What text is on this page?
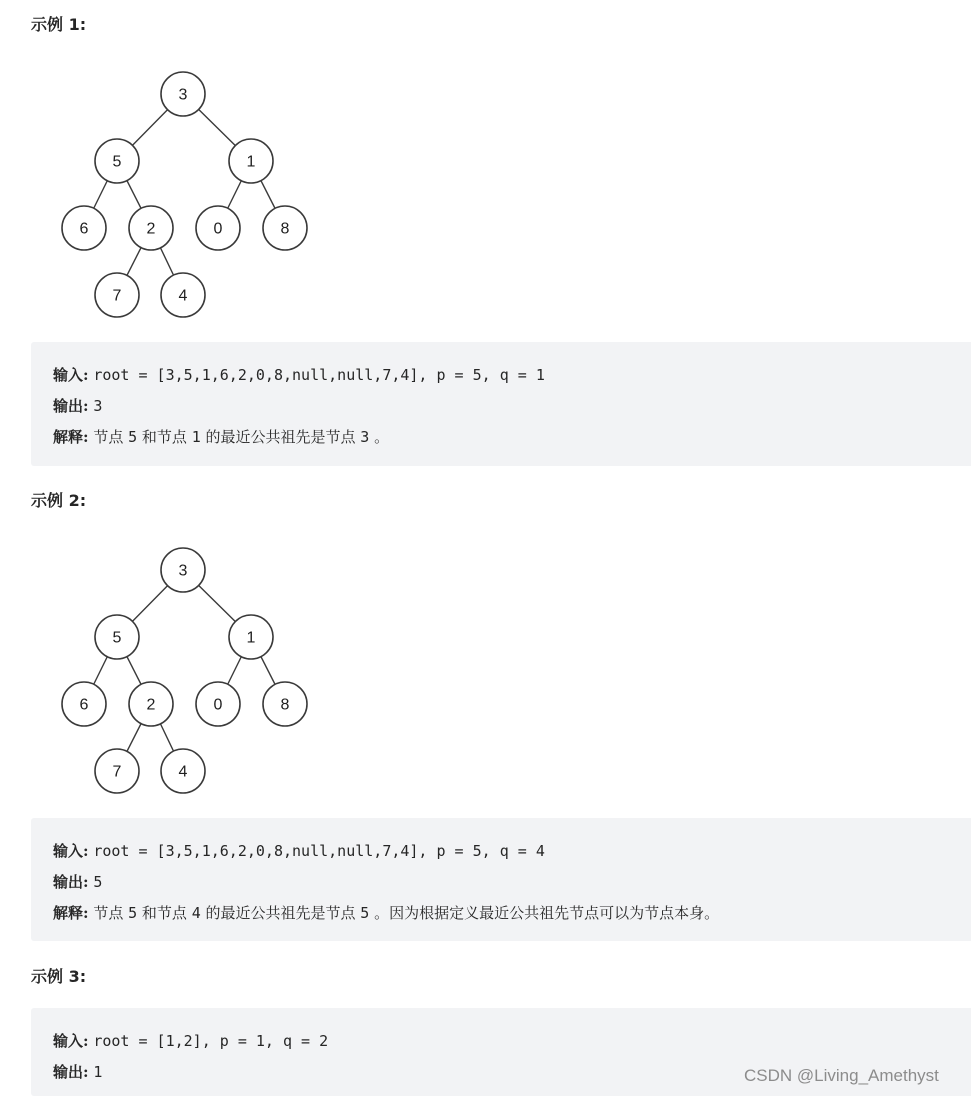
示例 1:
3
5	1
6	2	0	8
7	4
输入: root = [3,5,1,6,2,0,8,null,null,7,4], p = 5, q = 1
输出: 3
解释: 节点 5 和节点 1 的最近公共祖先是节点 3 。
示例 2:
3
5	1
6	2	0	8
7	4
输入: root = [3,5,1,6,2,0,8,null,null,7,4], p = 5, q = 4
输出: 5
解释: 节点 5 和节点 4 的最近公共祖先是节点 5 。因为根据定义最近公共祖先节点可以为节点本身。
示例 3:
输入: root = [1,2], p = 1, q = 2
输出: 1	CSDN @Living_Amethyst
